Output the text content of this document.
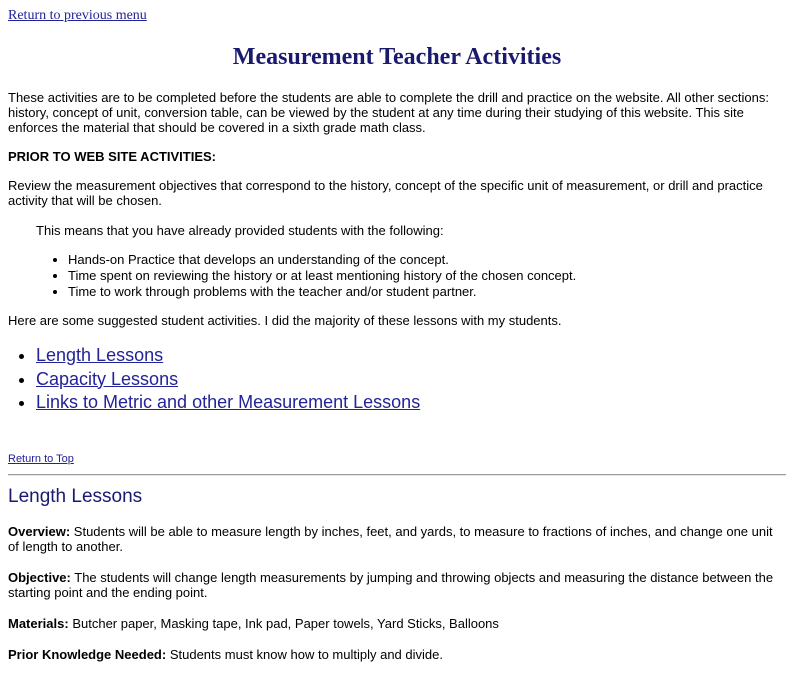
Return to previous menu

Measurement Teacher Activities

These activities are to be completed before the students are able to complete the drill and practice on the website. All other sections: history, concept of unit, conversion table, can be viewed by the student at any time during their studying of this website. This site enforces the material that should be covered in a sixth grade math class.

PRIOR TO WEB SITE ACTIVITIES:

Review the measurement objectives that correspond to the history, concept of the specific unit of measurement, or drill and practice activity that will be chosen.

This means that you have already provided students with the following:

• Hands-on Practice that develops an understanding of the concept.
• Time spent on reviewing the history or at least mentioning history of the chosen concept.
• Time to work through problems with the teacher and/or student partner.

Here are some suggested student activities. I did the majority of these lessons with my students.

• Length Lessons
• Capacity Lessons
• Links to Metric and other Measurement Lessons

Return to Top

Length Lessons

Overview: Students will be able to measure length by inches, feet, and yards, to measure to fractions of inches, and change one unit of length to another.

Objective: The students will change length measurements by jumping and throwing objects and measuring the distance between the starting point and the ending point.

Materials: Butcher paper, Masking tape, Ink pad, Paper towels, Yard Sticks, Balloons

Prior Knowledge Needed: Students must know how to multiply and divide.
